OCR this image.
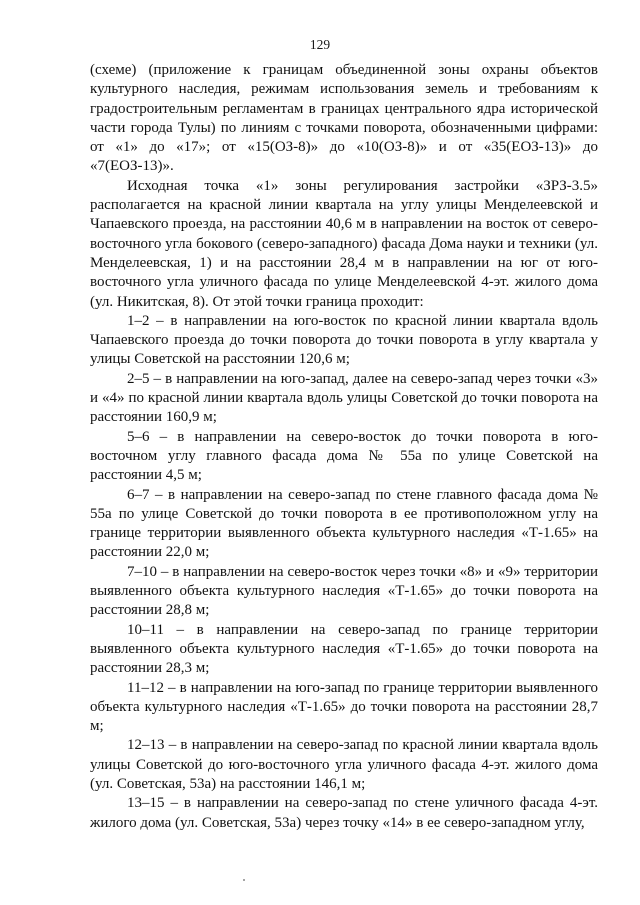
129

(схеме) (приложение к границам объединенной зоны охраны объектов культурного наследия, режимам использования земель и требованиям к градостроительным регламентам в границах центрального ядра исторической части города Тулы) по линиям с точками поворота, обозначенными цифрами: от «1» до «17»; от «15(ОЗ-8)» до «10(ОЗ-8)» и от «35(ЕОЗ-13)» до «7(ЕОЗ-13)».

Исходная точка «1» зоны регулирования застройки «ЗРЗ-3.5» располагается на красной линии квартала на углу улицы Менделеевской и Чапаевского проезда, на расстоянии 40,6 м в направлении на восток от северо-восточного угла бокового (северо-западного) фасада Дома науки и техники (ул. Менделеевская, 1) и на расстоянии 28,4 м в направлении на юг от юго-восточного угла уличного фасада по улице Менделеевской 4-эт. жилого дома (ул. Никитская, 8). От этой точки граница проходит:

1–2 – в направлении на юго-восток по красной линии квартала вдоль Чапаевского проезда до точки поворота до точки поворота в углу квартала у улицы Советской на расстоянии 120,6 м;

2–5 – в направлении на юго-запад, далее на северо-запад через точки «3» и «4» по красной линии квартала вдоль улицы Советской до точки поворота на расстоянии 160,9 м;

5–6 – в направлении на северо-восток до точки поворота в юго-восточном углу главного фасада дома № 55а по улице Советской на расстоянии 4,5 м;

6–7 – в направлении на северо-запад по стене главного фасада дома № 55а по улице Советской до точки поворота в ее противоположном углу на границе территории выявленного объекта культурного наследия «Т-1.65» на расстоянии 22,0 м;

7–10 – в направлении на северо-восток через точки «8» и «9» территории выявленного объекта культурного наследия «Т-1.65» до точки поворота на расстоянии 28,8 м;

10–11 – в направлении на северо-запад по границе территории выявленного объекта культурного наследия «Т-1.65» до точки поворота на расстоянии 28,3 м;

11–12 – в направлении на юго-запад по границе территории выявленного объекта культурного наследия «Т-1.65» до точки поворота на расстоянии 28,7 м;

12–13 – в направлении на северо-запад по красной линии квартала вдоль улицы Советской до юго-восточного угла уличного фасада 4-эт. жилого дома (ул. Советская, 53а) на расстоянии 146,1 м;

13–15 – в направлении на северо-запад по стене уличного фасада 4-эт. жилого дома (ул. Советская, 53а) через точку «14» в ее северо-западном углу,
